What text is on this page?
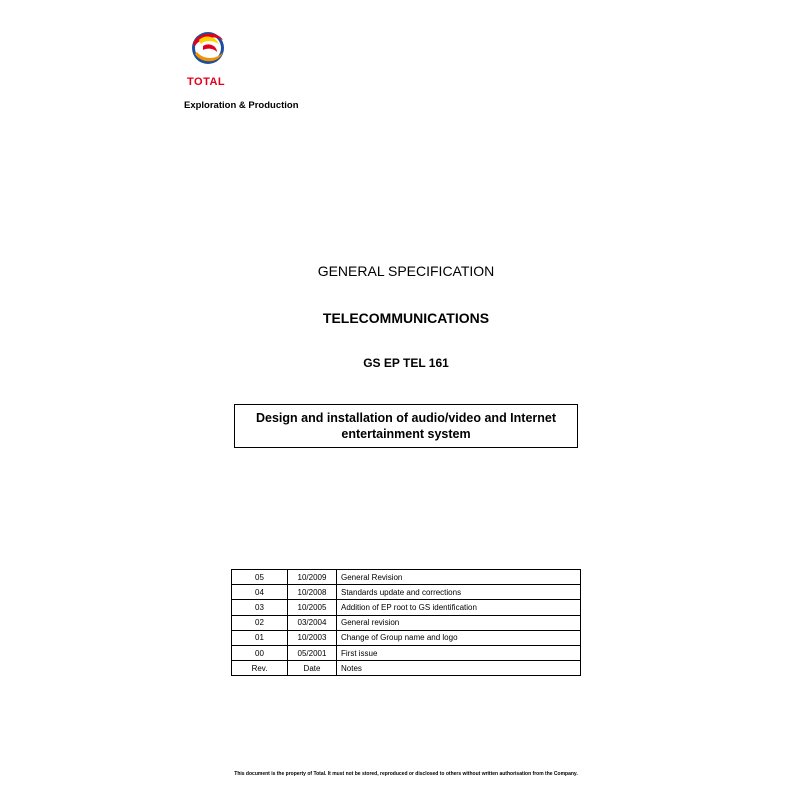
TOTAL
Exploration & Production
GENERAL SPECIFICATION
TELECOMMUNICATIONS
GS EP TEL 161
Design and installation of audio/video and Internet
entertainment system
05	10/2009	General Revision
04	10/2008	Standards update and corrections
03	10/2005	Addition of EP root to GS identification
02	03/2004	General revision
01	10/2003	Change of Group name and logo
00	05/2001	First issue
Rev.	Date	Notes
This document is the property of Total. It must not be stored, reproduced or disclosed to others without written authorisation from the Company.
